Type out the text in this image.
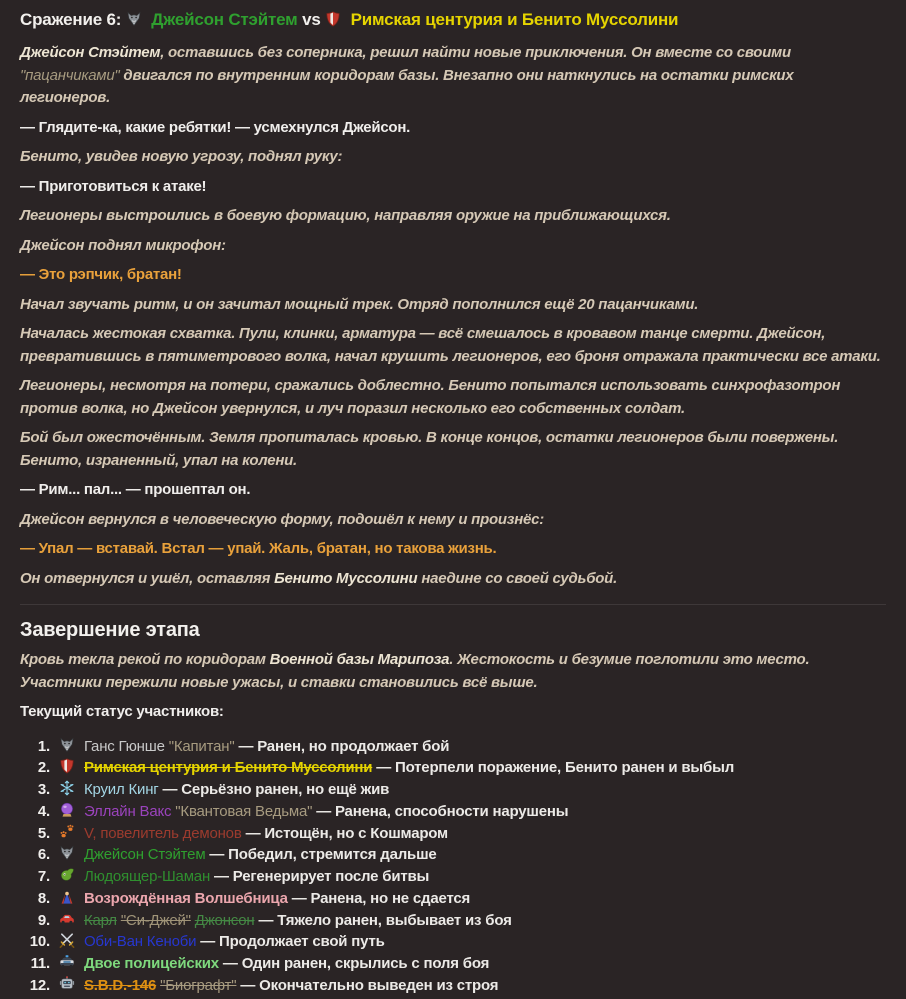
Сражение 6: Джейсон Стэйтем vs Римская центурия и Бенито Муссолини

Джейсон Стэйтем, оставшись без соперника, решил найти новые приключения. Он вместе со своими "пацанчиками" двигался по внутренним коридорам базы. Внезапно они наткнулись на остатки римских легионеров.

— Глядите-ка, какие ребятки! — усмехнулся Джейсон.

Бенито, увидев новую угрозу, поднял руку:

— Приготовиться к атаке!

Легионеры выстроились в боевую формацию, направляя оружие на приближающихся.

Джейсон поднял микрофон:

— Это рэпчик, братан!

Начал звучать ритм, и он зачитал мощный трек. Отряд пополнился ещё 20 пацанчиками.

Началась жестокая схватка. Пули, клинки, арматура — всё смешалось в кровавом танце смерти. Джейсон, превратившись в пятиметрового волка, начал крушить легионеров, его броня отражала практически все атаки.

Легионеры, несмотря на потери, сражались доблестно. Бенито попытался использовать синхрофазотрон против волка, но Джейсон увернулся, и луч поразил несколько его собственных солдат.

Бой был ожесточённым. Земля пропиталась кровью. В конце концов, остатки легионеров были повержены. Бенито, израненный, упал на колени.

— Рим... пал... — прошептал он.

Джейсон вернулся в человеческую форму, подошёл к нему и произнёс:

— Упал — вставай. Встал — упай. Жаль, братан, но такова жизнь.

Он отвернулся и ушёл, оставляя Бенито Муссолини наедине со своей судьбой.

Завершение этапа

Кровь текла рекой по коридорам Военной базы Марипоза. Жестокость и безумие поглотили это место. Участники пережили новые ужасы, и ставки становились всё выше.

Текущий статус участников:

1. Ганс Гюнше "Капитан" — Ранен, но продолжает бой
2. Римская центурия и Бенито Муссолини — Потерпели поражение, Бенито ранен и выбыл
3. Круил Кинг — Серьёзно ранен, но ещё жив
4. Эллайн Вакс "Квантовая Ведьма" — Ранена, способности нарушены
5. V, повелитель демонов — Истощён, но с Кошмаром
6. Джейсон Стэйтем — Победил, стремится дальше
7. Людоящер-Шаман — Регенерирует после битвы
8. Возрождённая Волшебница — Ранена, но не сдается
9. Карл "Си-Джей" Джонсон — Тяжело ранен, выбывает из боя
10. Оби-Ван Кеноби — Продолжает свой путь
11. Двое полицейских — Один ранен, скрылись с поля боя
12. S.B.D.-146 "Биографт" — Окончательно выведен из строя
